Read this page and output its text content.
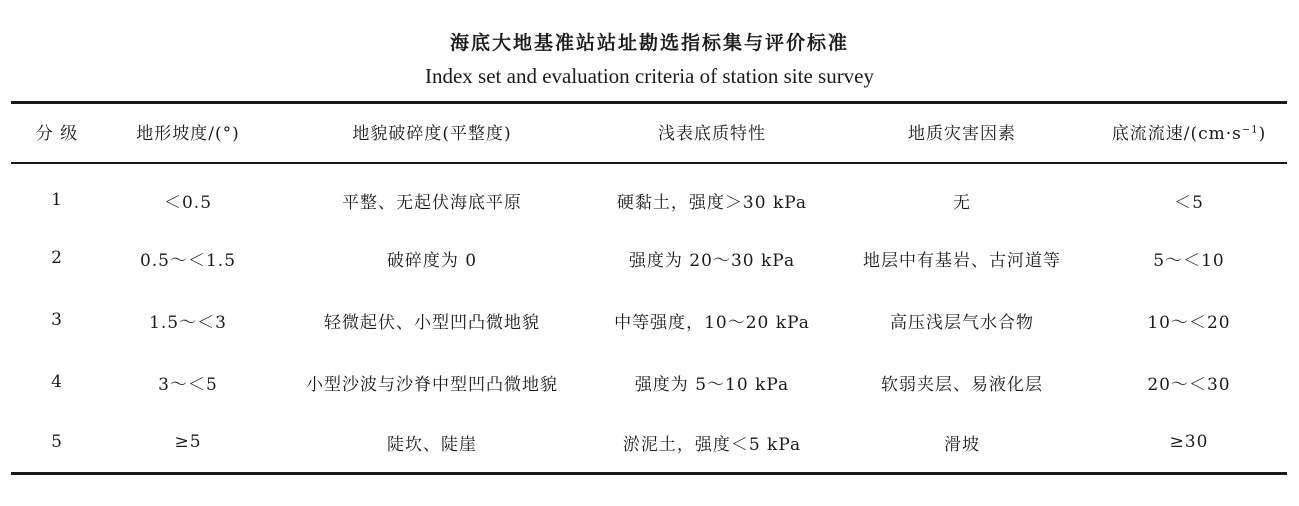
海底大地基准站站址勘选指标集与评价标准
Index set and evaluation criteria of station site survey
分 级	地形坡度/(°)	地貌破碎度(平整度)	浅表底质特性	地质灾害因素	底流流速$/(cm\cdot s^{-1})$
1	＜0.5	平整、无起伏海底平原	硬黏土，强度＞30 kPa	无	＜5
2	0.5～＜1.5	破碎度为 0	强度为 20～30 kPa	地层中有基岩、古河道等	5～＜10
3	1.5～＜3	轻微起伏、小型凹凸微地貌	中等强度，10～20 kPa	高压浅层气水合物	10～＜20
4	3～＜5	小型沙波与沙脊中型凹凸微地貌	强度为 5～10 kPa	软弱夹层、易液化层	20～＜30
5	≥5	陡坎、陡崖	淤泥土，强度＜5 kPa	滑坡	≥30
